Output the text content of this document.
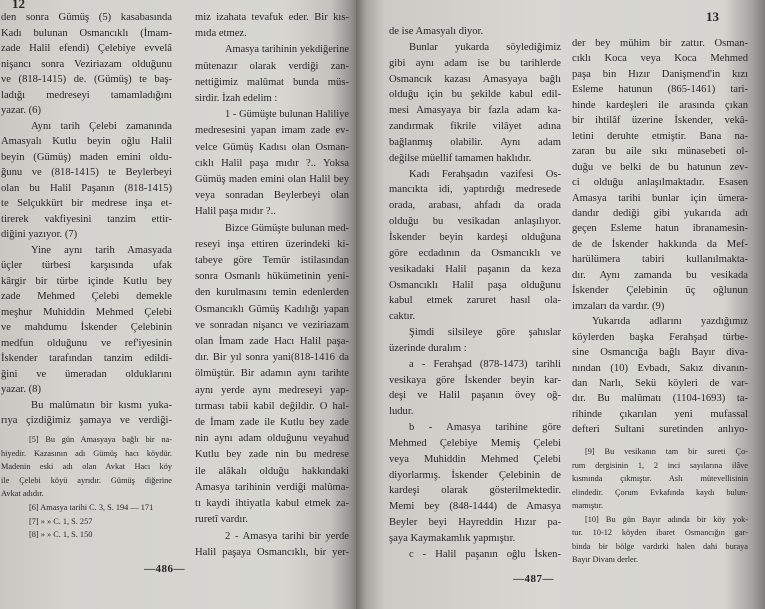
12
den sonra Gümüş (5) kasabasında
Kadı bulunan Osmancıklı (İmam-
zade Halil efendi) Çelebiye evvelâ
nişancı sonra Veziriazam olduğunu
ve (818-1415) de. (Gümüş) te baş-
ladığı medreseyi tamamladığını
yazar. (6)
Aynı tarih Çelebi zamanında
Amasyalı Kutlu beyin oğlu Halil
beyin (Gümüş) maden emini oldu-
ğunu ve (818-1415) te Beylerbeyi
olan bu Halil Paşanın (818-1415)
te Selçukkürt bir medrese inşa et-
tirerek vakfiyesini tanzim ettir-
diğini yazıyor. (7)
Yine aynı tarih Amasyada
üçler türbesi karşısında ufak
kârgir bir türbe içinde Kutlu bey
zade Mehmed Çelebi demekle
meşhur Muhiddin Mehmed Çelebi
ve mahdumu İskender Çelebinin
medfun olduğunu ve ref'iyesinin
İskender tarafından tanzim edildi-
ğini ve ümeradan olduklarını
yazar. (8)
Bu malûmatın bir kısmı yuka-
rıya çizdiğimiz şamaya ve verdiği-
miz izahata tevafuk eder. Bir kıs-
mıda etmez.
Amasya tarihinin yekdiğerine
mütenazır olarak verdiği zan-
nettiğimiz malûmat bunda müs-
sirdir. İzah edelim :
1 - Gümüşte bulunan Haliliye
medresesini yapan imam zade ev-
velce Gümüş Kadısı olan Osman-
cıklı Halil paşa mıdır ?.. Yoksa
Gümüş maden emini olan Halil bey
veya sonradan Beylerbeyi olan
Halil paşa mıdır ?..
Bizce Gümüşte bulunan med-
reseyi inşa ettiren üzerindeki ki-
tabeye göre Temür istilasından
sonra Osmanlı hükümetinin yeni-
den kurulmasını temin edenlerden
Osmancıklı Gümüş Kadılığı yapan
ve sonradan nişancı ve veziriazam
olan İmam zade Hacı Halil paşa-
dır. Bir yıl sonra yani(818-1416 da
ölmüştür. Bir adamın aynı tarihte
aynı yerde aynı medreseyi yap-
tırması tabii kabil değildir. O hal-
de İmam zade ile Kutlu bey zade
nin aynı adam olduğunu veyahud
Kutlu bey zade nin bu medrese
ile alâkalı olduğu hakkındaki
Amasya tarihinin verdiği malûma-
tı kaydi ihtiyatla kabul etmek za-
ruretî vardır.
2 - Amasya tarihi bir yerde
Halil paşaya Osmancıklı, bir yer-
[5] Bu gün Amasyaya bağlı bir na-
hiyedir. Kazasının adı Gümüş hacı köydür.
Madenin eski adı olan Avkat Hacı köy
ile Çelebi köyü ayrıdır. Gümüş diğerine
Avkat adıdır.
[6] Amasya tarihi C. 3, S. 194 — 171
[7] » » C. 1, S. 257
[8] » » C. 1, S. 150
—486—
13
de ise Amasyalı diyor.
Bunlar yukarda söylediğimiz
gibi aynı adam ise bu tarihlerde
Osmancık kazası Amasyaya bağlı
olduğu için bu şekilde kabul edil-
mesi Amasyaya bir fazla adam ka-
zandırmak fikrile vilâyet adına
bağlanmış olabilir. Aynı adam
değilse müellif tamamen haklıdır.
Kadı Ferahşadın vazifesi Os-
mancıkta idi, yaptırdığı medresede
orada, arabası, ahfadı da orada
olduğu bu vesikadan anlaşılıyor.
İskender beyin kardeşi olduğuna
göre ecdadının da Osmancıklı ve
vesikadaki Halil paşanın da keza
Osmancıklı Halil paşa olduğunu
kabul etmek zaruret hasıl ola-
caktır.
Şimdi silsileye göre şahıslar
üzerinde duralım :
a - Ferahşad (878-1473) tarihli
vesikaya göre İskender beyin kar-
deşi ve Halil paşanın övey oğ-
ludur.
b - Amasya tarihine göre
Mehmed Çelebiye Memiş Çelebi
veya Muhiddin Mehmed Çelebi
diyorlarmış. İskender Çelebinin de
kardeşi olarak gösterilmektedir.
Memi bey (848-1444) de Amasya
Beyler beyi Hayreddin Hızır pa-
şaya Kaymakamlık yapmıştır.
c - Halil paşanın oğlu İsken-
der bey mühim bir zattır. Osman-
cıklı Koca veya Koca Mehmed
paşa bin Hızır Danişmend'in kızı
Esleme hatunun (865-1461) tari-
hinde kardeşleri ile arasında çıkan
bir ihtilâf üzerine İskender, vekâ-
letini deruhte etmiştir. Bana na-
zaran bu aile sıkı münasebeti ol-
duğu ve belki de bu hatunun zev-
ci olduğu anlaşılmaktadır. Esasen
Amasya tarihi bunlar için ümera-
dandır dediği gibi yukarıda adı
geçen Esleme hatun ibranamesin-
de de İskender hakkında da Mef-
harülümera tabiri kullanılmakta-
dır. Aynı zamanda bu vesikada
İskender Çelebinin üç oğlunun
imzaları da vardır. (9)
Yukarıda adlarını yazdığımız
köylerden başka Ferahşad türbe-
sine Osmancığa bağlı Bayır diva-
nından (10) Evbadı, Sakız divanın-
dan Narlı, Sekü köyleri de var-
dır. Bu malûmatı (1104-1693) ta-
rihinde çıkarılan yeni mufassal
defteri Sultani suretinden anlıyo-
[9] Bu vesikanın tam bir sureti Ço-
rum dergisinin 1, 2 inci sayılarına ilâve
kısmında çıkmıştır. Aslı mütevellisinin
elindedir. Çorum Evkafında kaydı bulun-
mamıştır.
[10] Bu gün Bayır adında bir köy yok-
tur. 10-12 köyden ibaret Osmancığın gar-
binda bir bölge vardırki halen dahi buraya
Bayır Divanı derler.
—487—
